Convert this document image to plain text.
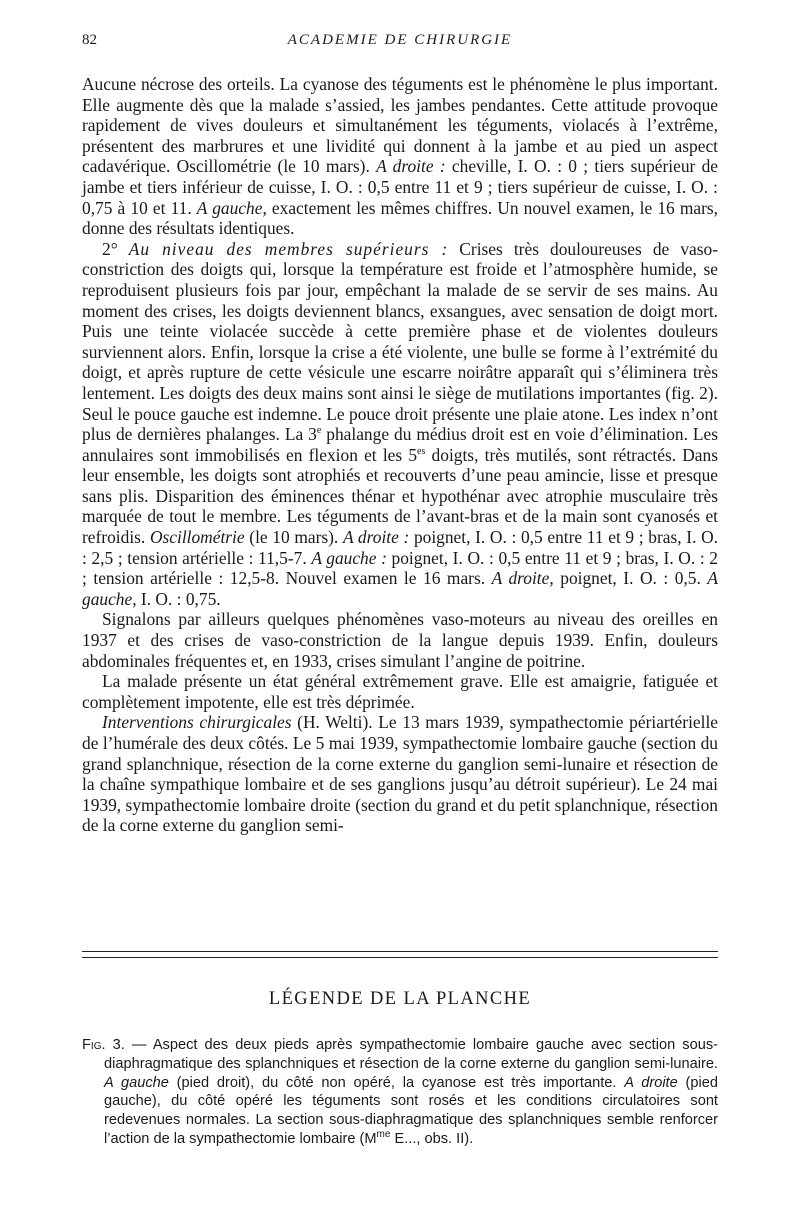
82	ACADEMIE DE CHIRURGIE

Aucune nécrose des orteils. La cyanose des téguments est le phénomène le plus important. Elle augmente dès que la malade s’assied, les jambes pendantes. Cette attitude provoque rapidement de vives douleurs et simultanément les téguments, violacés à l’extrême, présentent des marbrures et une lividité qui donnent à la jambe et au pied un aspect cadavérique. Oscillométrie (le 10 mars). A droite : cheville, I. O. : 0 ; tiers supérieur de jambe et tiers inférieur de cuisse, I. O. : 0,5 entre 11 et 9 ; tiers supérieur de cuisse, I. O. : 0,75 à 10 et 11. A gauche, exactement les mêmes chiffres. Un nouvel examen, le 16 mars, donne des résultats identiques.

2° Au niveau des membres supérieurs : Crises très douloureuses de vaso-constriction des doigts qui, lorsque la température est froide et l’atmosphère humide, se reproduisent plusieurs fois par jour, empêchant la malade de se servir de ses mains. Au moment des crises, les doigts deviennent blancs, exsangues, avec sensation de doigt mort. Puis une teinte violacée succède à cette première phase et de violentes douleurs surviennent alors. Enfin, lorsque la crise a été violente, une bulle se forme à l’extrémité du doigt, et après rupture de cette vésicule une escarre noirâtre apparaît qui s’éliminera très lentement. Les doigts des deux mains sont ainsi le siège de mutilations importantes (fig. 2). Seul le pouce gauche est indemne. Le pouce droit présente une plaie atone. Les index n’ont plus de dernières phalanges. La 3e phalange du médius droit est en voie d’élimination. Les annulaires sont immobilisés en flexion et les $5^{es}$ doigts, très mutilés, sont rétractés. Dans leur ensemble, les doigts sont atrophiés et recouverts d’une peau amincie, lisse et presque sans plis. Disparition des éminences thénar et hypothénar avec atrophie musculaire très marquée de tout le membre. Les téguments de l’avant-bras et de la main sont cyanosés et refroidis. Oscillométrie (le 10 mars). A droite : poignet, I. O. : 0,5 entre 11 et 9 ; bras, I. O. : 2,5 ; tension artérielle : 11,5-7. A gauche : poignet, I. O. : 0,5 entre 11 et 9 ; bras, I. O. : 2 ; tension artérielle : 12,5-8. Nouvel examen le 16 mars. A droite, poignet, I. O. : 0,5. A gauche, I. O. : 0,75.

Signalons par ailleurs quelques phénomènes vaso-moteurs au niveau des oreilles en 1937 et des crises de vaso-constriction de la langue depuis 1939. Enfin, douleurs abdominales fréquentes et, en 1933, crises simulant l’angine de poitrine.

La malade présente un état général extrêmement grave. Elle est amaigrie, fatiguée et complètement impotente, elle est très déprimée.

Interventions chirurgicales (H. Welti). Le 13 mars 1939, sympathectomie périartérielle de l’humérale des deux côtés. Le 5 mai 1939, sympathectomie lombaire gauche (section du grand splanchnique, résection de la corne externe du ganglion semi-lunaire et résection de la chaîne sympathique lombaire et de ses ganglions jusqu’au détroit supérieur). Le 24 mai 1939, sympathectomie lombaire droite (section du grand et du petit splanchnique, résection de la corne externe du ganglion semi-

LÉGENDE DE LA PLANCHE
Fig. 3. — Aspect des deux pieds après sympathectomie lombaire gauche avec section sous-diaphragmatique des splanchniques et résection de la corne externe du ganglion semi-lunaire. A gauche (pied droit), du côté non opéré, la cyanose est très importante. A droite (pied gauche), du côté opéré les téguments sont rosés et les conditions circulatoires sont redevenues normales. La section sous-diaphragmatique des splanchniques semble renforcer l’action de la sympathectomie lombaire ($M^{me}$ E..., obs. II).
